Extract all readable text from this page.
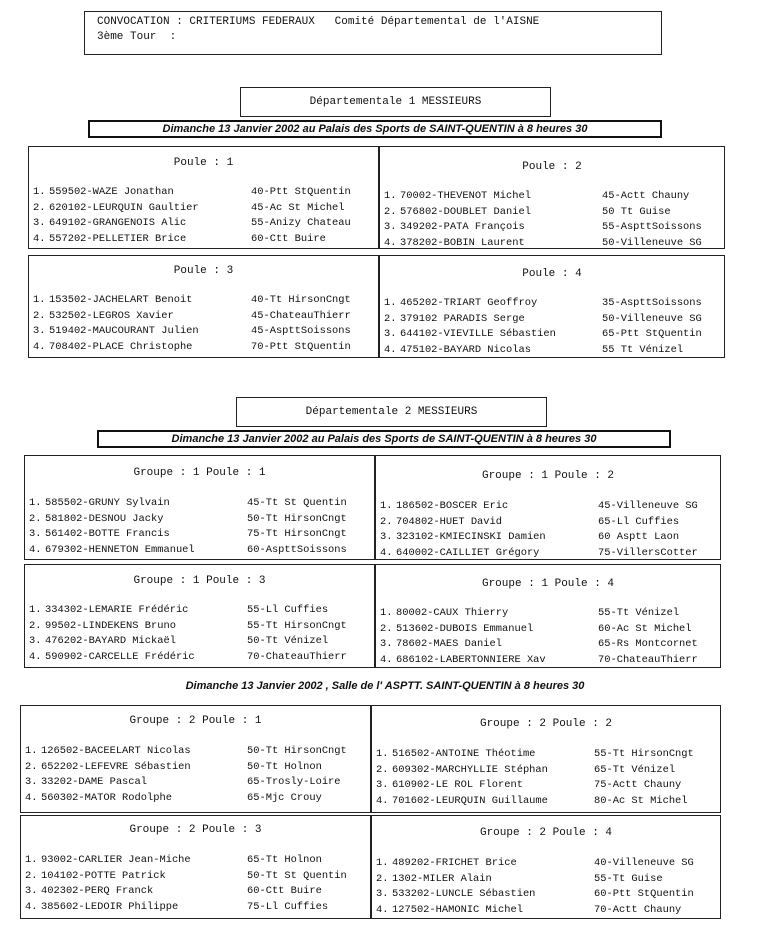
CONVOCATION : CRITERIUMS FEDERAUX   Comité Départemental de l'AISNE
3ème Tour  :
Départementale 1 MESSIEURS
Dimanche 13 Janvier 2002 au Palais des Sports de SAINT-QUENTIN à 8 heures 30
Poule : 1
1. 559502-WAZE Jonathan	40-Ptt StQuentin
2. 620102-LEURQUIN Gaultier	45-Ac St Michel
3. 649102-GRANGENOIS Alic	55-Anizy Chateau
4. 557202-PELLETIER Brice	60-Ctt Buire
Poule : 2
1. 70002-THEVENOT Michel	45-Actt Chauny
2. 576802-DOUBLET Daniel	50 Tt Guise
3. 349202-PATA François	55-AspttSoissons
4. 378202-BOBIN Laurent	50-Villeneuve SG
Poule : 3
1. 153502-JACHELART Benoit	40-Tt HirsonCngt
2. 532502-LEGROS Xavier	45-ChateauThierr
3. 519402-MAUCOURANT Julien	45-AspttSoissons
4. 708402-PLACE Christophe	70-Ptt StQuentin
Poule : 4
1. 465202-TRIART Geoffroy	35-AspttSoissons
2. 379102 PARADIS Serge	50-Villeneuve SG
3. 644102-VIEVILLE Sébastien	65-Ptt StQuentin
4. 475102-BAYARD Nicolas	55 Tt Vénizel
Départementale 2 MESSIEURS
Dimanche 13 Janvier 2002 au Palais des Sports de SAINT-QUENTIN à 8 heures 30
Groupe : 1 Poule : 1
1. 585502-GRUNY Sylvain	45-Tt St Quentin
2. 581802-DESNOU Jacky	50-Tt HirsonCngt
3. 561402-BOTTE Francis	75-Tt HirsonCngt
4. 679302-HENNETON Emmanuel	60-AspttSoissons
Groupe : 1 Poule : 2
1. 186502-BOSCER Eric	45-Villeneuve SG
2. 704802-HUET David	65-Ll Cuffies
3. 323102-KMIECINSKI Damien	60 Asptt Laon
4. 640002-CAILLIET Grégory	75-VillersCotter
Groupe : 1 Poule : 3
1. 334302-LEMARIE Frédéric	55-Ll Cuffies
2. 99502-LINDEKENS Bruno	55-Tt HirsonCngt
3. 476202-BAYARD Mickaël	50-Tt Vénizel
4. 590902-CARCELLE Frédéric	70-ChateauThierr
Groupe : 1 Poule : 4
1. 80002-CAUX Thierry	55-Tt Vénizel
2. 513602-DUBOIS Emmanuel	60-Ac St Michel
3. 78602-MAES Daniel	65-Rs Montcornet
4. 686102-LABERTONNIERE Xav	70-ChateauThierr
Dimanche 13 Janvier 2002 , Salle de l' ASPTT. SAINT-QUENTIN à 8 heures 30
Groupe : 2 Poule : 1
1. 126502-BACEELART Nicolas	50-Tt HirsonCngt
2. 652202-LEFEVRE Sébastien	50-Tt Holnon
3. 33202-DAME Pascal	65-Trosly-Loire
4. 560302-MATOR Rodolphe	65-Mjc Crouy
Groupe : 2 Poule : 2
1. 516502-ANTOINE Théotime	55-Tt HirsonCngt
2. 609302-MARCHYLLIE Stéphan	65-Tt Vénizel
3. 610902-LE ROL Florent	75-Actt Chauny
4. 701602-LEURQUIN Guillaume	80-Ac St Michel
Groupe : 2 Poule : 3
1. 93002-CARLIER Jean-Miche	65-Tt Holnon
2. 104102-POTTE Patrick	50-Tt St Quentin
3. 402302-PERQ Franck	60-Ctt Buire
4. 385602-LEDOIR Philippe	75-Ll Cuffies
Groupe : 2 Poule : 4
1. 489202-FRICHET Brice	40-Villeneuve SG
2. 1302-MILER Alain	55-Tt Guise
3. 533202-LUNCLE Sébastien	60-Ptt StQuentin
4. 127502-HAMONIC Michel	70-Actt Chauny
